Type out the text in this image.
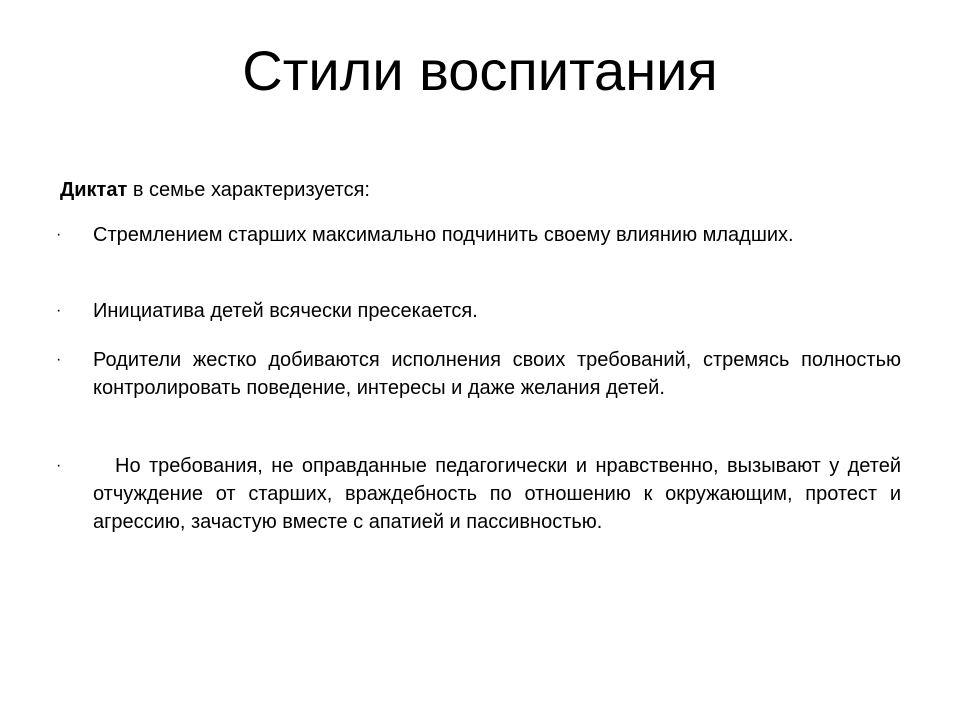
Стили воспитания

Диктат в семье характеризуется:

· Стремлением старших максимально подчинить своему влиянию младших.
· Инициатива детей всячески пресекается.
· Родители жестко добиваются исполнения своих требований, стремясь полностью контролировать поведение, интересы и даже желания детей.
·	Но требования, не оправданные педагогически и нравственно, вызывают у детей отчуждение от старших, враждебность по отношению к окружающим, протест и агрессию, зачастую вместе с апатией и пассивностью.
